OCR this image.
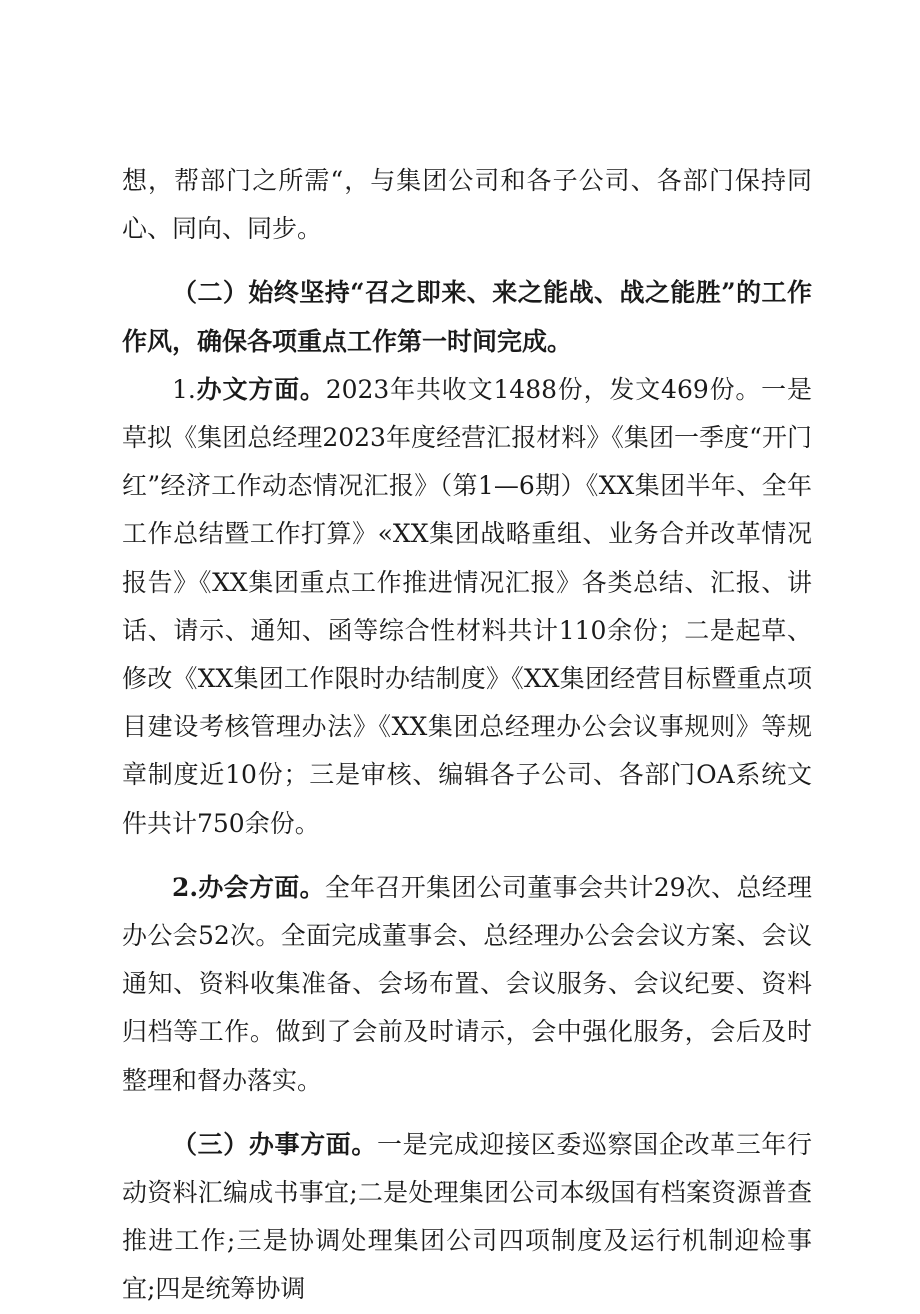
想，帮部门之所需“，与集团公司和各子公司、各部门保持同心、同向、同步。

（二）始终坚持“召之即来、来之能战、战之能胜”的工作作风，确保各项重点工作第一时间完成。

1.办文方面。2023年共收文1488份，发文469份。一是草拟《集团总经理2023年度经营汇报材料》《集团一季度“开门红”经济工作动态情况汇报》（第1—6期）《XX集团半年、全年工作总结暨工作打算》«XX集团战略重组、业务合并改革情况报告》《XX集团重点工作推进情况汇报》各类总结、汇报、讲话、请示、通知、函等综合性材料共计110余份；二是起草、修改《XX集团工作限时办结制度》《XX集团经营目标暨重点项目建设考核管理办法》《XX集团总经理办公会议事规则》等规章制度近10份；三是审核、编辑各子公司、各部门OA系统文件共计750余份。

2.办会方面。全年召开集团公司董事会共计29次、总经理办公会52次。全面完成董事会、总经理办公会会议方案、会议通知、资料收集准备、会场布置、会议服务、会议纪要、资料归档等工作。做到了会前及时请示，会中强化服务，会后及时整理和督办落实。

（三）办事方面。一是完成迎接区委巡察国企改革三年行动资料汇编成书事宜;二是处理集团公司本级国有档案资源普查推进工作;三是协调处理集团公司四项制度及运行机制迎检事宜;四是统筹协调
